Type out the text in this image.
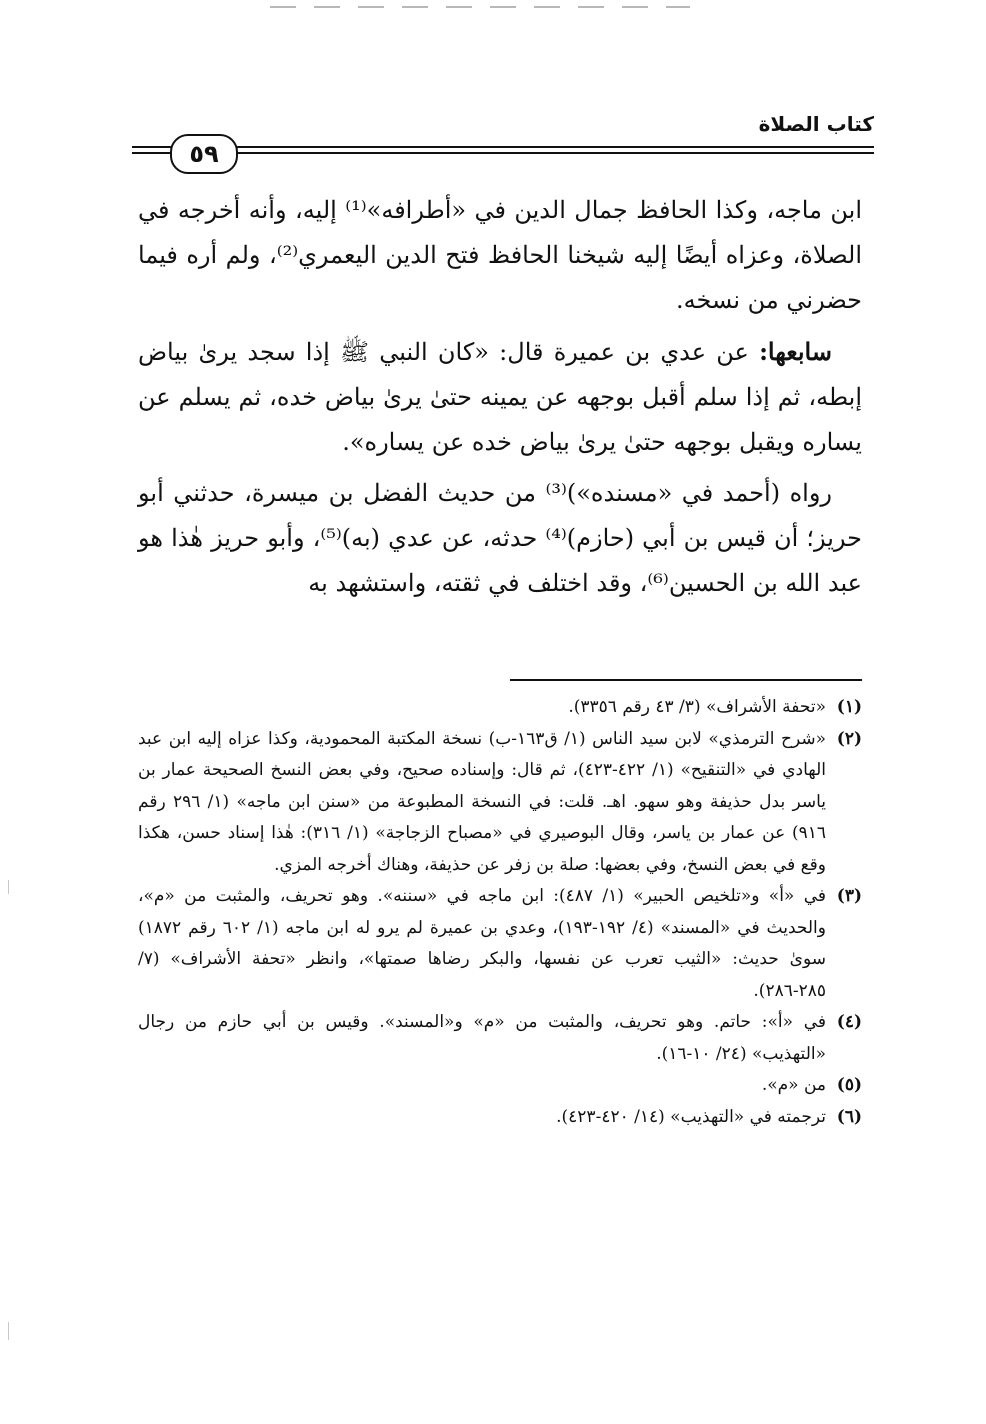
كتاب الصلاة
٥٩

ابن ماجه، وكذا الحافظ جمال الدين في «أطرافه»⁽¹⁾ إليه، وأنه أخرجه في الصلاة، وعزاه أيضًا إليه شيخنا الحافظ فتح الدين اليعمري⁽²⁾، ولم أره فيما حضرني من نسخه.

سابعها: عن عدي بن عميرة قال: «كان النبي ﷺ إذا سجد يرىٰ بياض إبطه، ثم إذا سلم أقبل بوجهه عن يمينه حتىٰ يرىٰ بياض خده، ثم يسلم عن يساره ويقبل بوجهه حتىٰ يرىٰ بياض خده عن يساره».

رواه (أحمد في «مسنده»)⁽³⁾ من حديث الفضل بن ميسرة، حدثني أبو حريز؛ أن قيس بن أبي (حازم)⁽⁴⁾ حدثه، عن عدي (به)⁽⁵⁾، وأبو حريز هٰذا هو عبد الله بن الحسين⁽⁶⁾، وقد اختلف في ثقته، واستشهد به

(١)
«تحفة الأشراف» (٣/ ٤٣ رقم ٣٣٥٦).
(٢)
«شرح الترمذي» لابن سيد الناس (١/ ق١٦٣-ب) نسخة المكتبة المحمودية، وكذا عزاه إليه ابن عبد الهادي في «التنقيح» (١/ ٤٢٢-٤٢٣)، ثم قال: وإسناده صحيح، وفي بعض النسخ الصحيحة عمار بن ياسر بدل حذيفة وهو سهو. اهـ. قلت: في النسخة المطبوعة من «سنن ابن ماجه» (١/ ٢٩٦ رقم ٩١٦) عن عمار بن ياسر، وقال البوصيري في «مصباح الزجاجة» (١/ ٣١٦): هٰذا إسناد حسن، هكذا وقع في بعض النسخ، وفي بعضها: صلة بن زفر عن حذيفة، وهناك أخرجه المزي.
(٣)
في «أ» و«تلخيص الحبير» (١/ ٤٨٧): ابن ماجه في «سننه». وهو تحريف، والمثبت من «م»، والحديث في «المسند» (٤/ ١٩٢-١٩٣)، وعدي بن عميرة لم يرو له ابن ماجه (١/ ٦٠٢ رقم ١٨٧٢) سوىٰ حديث: «الثيب تعرب عن نفسها، والبكر رضاها صمتها»، وانظر «تحفة الأشراف» (٧/ ٢٨٥-٢٨٦).
(٤)
في «أ»: حاتم. وهو تحريف، والمثبت من «م» و«المسند». وقيس بن أبي حازم من رجال «التهذيب» (٢٤/ ١٠-١٦).
(٥)
من «م».
(٦)
ترجمته في «التهذيب» (١٤/ ٤٢٠-٤٢٣).
